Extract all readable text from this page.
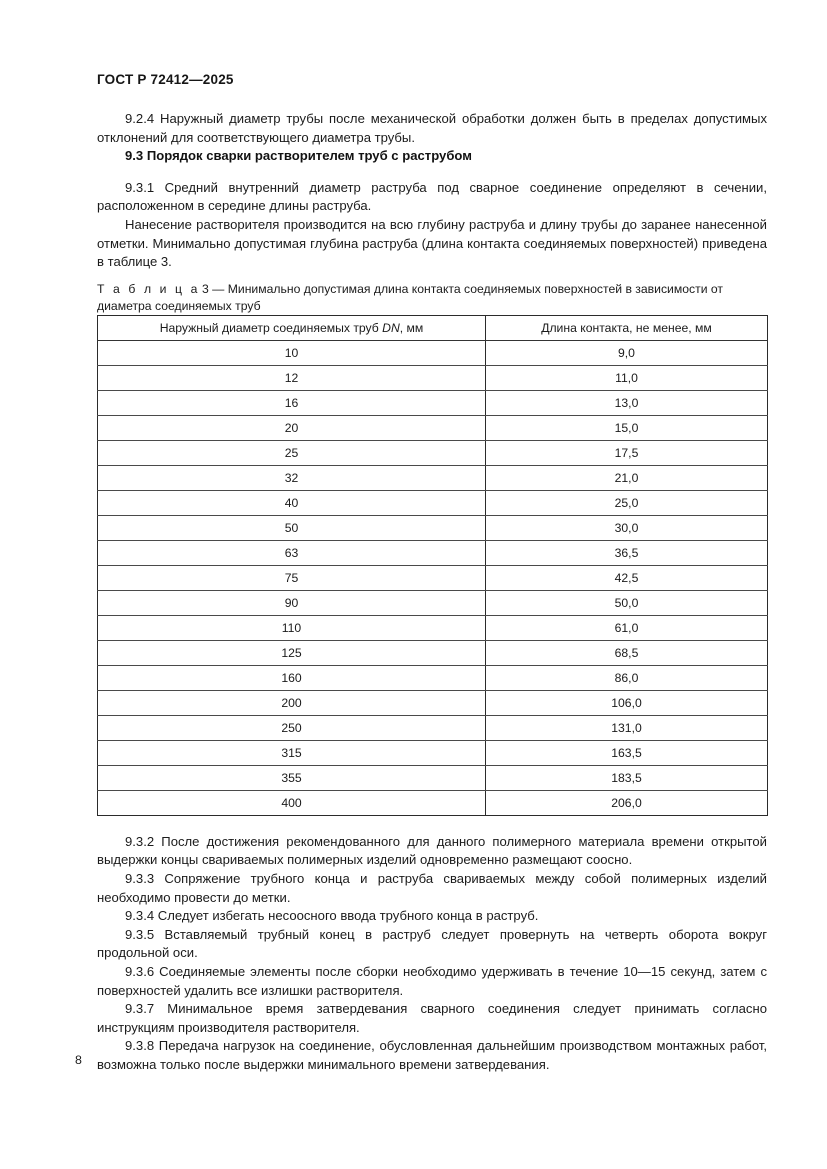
ГОСТ Р 72412—2025

9.2.4 Наружный диаметр трубы после механической обработки должен быть в пределах допустимых отклонений для соответствующего диаметра трубы.

9.3 Порядок сварки растворителем труб с раструбом

9.3.1 Средний внутренний диаметр раструба под сварное соединение определяют в сечении, расположенном в середине длины раструба.

Нанесение растворителя производится на всю глубину раструба и длину трубы до заранее нанесенной отметки. Минимально допустимая глубина раструба (длина контакта соединяемых поверхностей) приведена в таблице 3.

Т а б л и ц а 3 — Минимально допустимая длина контакта соединяемых поверхностей в зависимости от диаметра соединяемых труб

Наружный диаметр соединяемых труб DN, мм	Длина контакта, не менее, мм
10	9,0
12	11,0
16	13,0
20	15,0
25	17,5
32	21,0
40	25,0
50	30,0
63	36,5
75	42,5
90	50,0
110	61,0
125	68,5
160	86,0
200	106,0
250	131,0
315	163,5
355	183,5
400	206,0

9.3.2 После достижения рекомендованного для данного полимерного материала времени открытой выдержки концы свариваемых полимерных изделий одновременно размещают соосно.

9.3.3 Сопряжение трубного конца и раструба свариваемых между собой полимерных изделий необходимо провести до метки.

9.3.4 Следует избегать несоосного ввода трубного конца в раструб.

9.3.5 Вставляемый трубный конец в раструб следует провернуть на четверть оборота вокруг продольной оси.

9.3.6 Соединяемые элементы после сборки необходимо удерживать в течение 10—15 секунд, затем с поверхностей удалить все излишки растворителя.

9.3.7 Минимальное время затвердевания сварного соединения следует принимать согласно инструкциям производителя растворителя.

9.3.8 Передача нагрузок на соединение, обусловленная дальнейшим производством монтажных работ, возможна только после выдержки минимального времени затвердевания.

8
